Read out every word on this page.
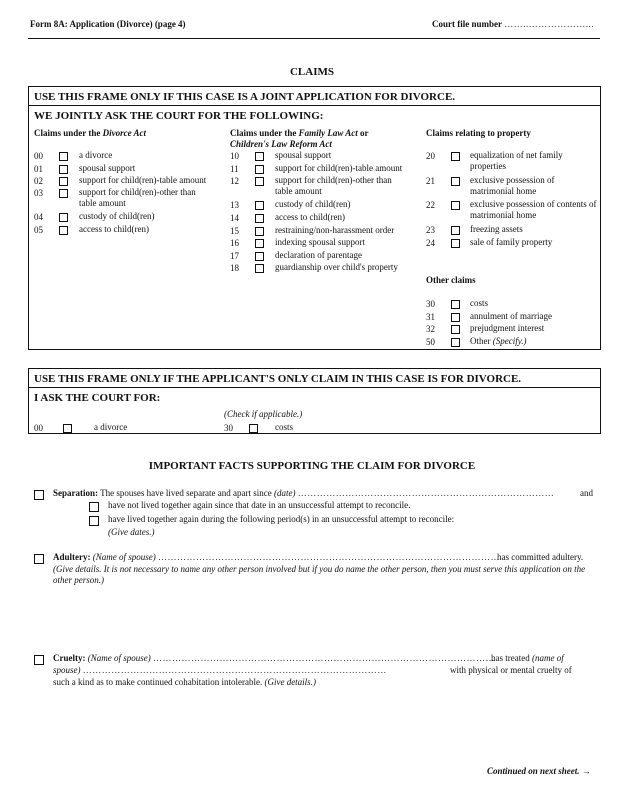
Form 8A: Application (Divorce) (page 4)	Court file number ……..………………...
CLAIMS
USE THIS FRAME ONLY IF THIS CASE IS A JOINT APPLICATION FOR DIVORCE.
WE JOINTLY ASK THE COURT FOR THE FOLLOWING:
Claims under the Divorce Act	Claims under the Family Law Act or
Children's Law Reform Act
Claims relating to property
00	a divorce
01	spousal support
02	support for child(ren)-table amount
03	support for child(ren)-other than table amount
04	custody of child(ren)
05	access to child(ren)
10	spousal support
11	support for child(ren)-table amount
12	support for child(ren)-other than table amount
13	custody of child(ren)
14	access to child(ren)
15	restraining/non-harassment order
16	indexing spousal support
17	declaration of parentage
18	guardianship over child's property
20	equalization of net family properties
21	exclusive possession of matrimonial home
22	exclusive possession of contents of matrimonial home
23	freezing assets
24	sale of family property
Other claims
30	costs
31	annulment of marriage
32	prejudgment interest
50	Other (Specify.)
USE THIS FRAME ONLY IF THE APPLICANT'S ONLY CLAIM IN THIS CASE IS FOR DIVORCE.
I ASK THE COURT FOR:
(Check if applicable.)
00	a divorce	30	costs
IMPORTANT FACTS SUPPORTING THE CLAIM FOR DIVORCE
Separation: The spouses have lived separate and apart since (date) ………………………………………………………………………	and
have not lived together again since that date in an unsuccessful attempt to reconcile.
have lived together again during the following period(s) in an unsuccessful attempt to reconcile:
(Give dates.)
Adultery: (Name of spouse) ………………………………………………………………………………………………
has committed adultery.
(Give details. It is not necessary to name any other person involved but if you do name the other person, then you must serve this application on the other person.)
Cruelty: (Name of spouse) ………………………………………………………………………………………………
has treated (name of
spouse) ……………………………………………………………………………………	with physical or mental cruelty of
such a kind as to make continued cohabitation intolerable. (Give details.)
Continued on next sheet. →
